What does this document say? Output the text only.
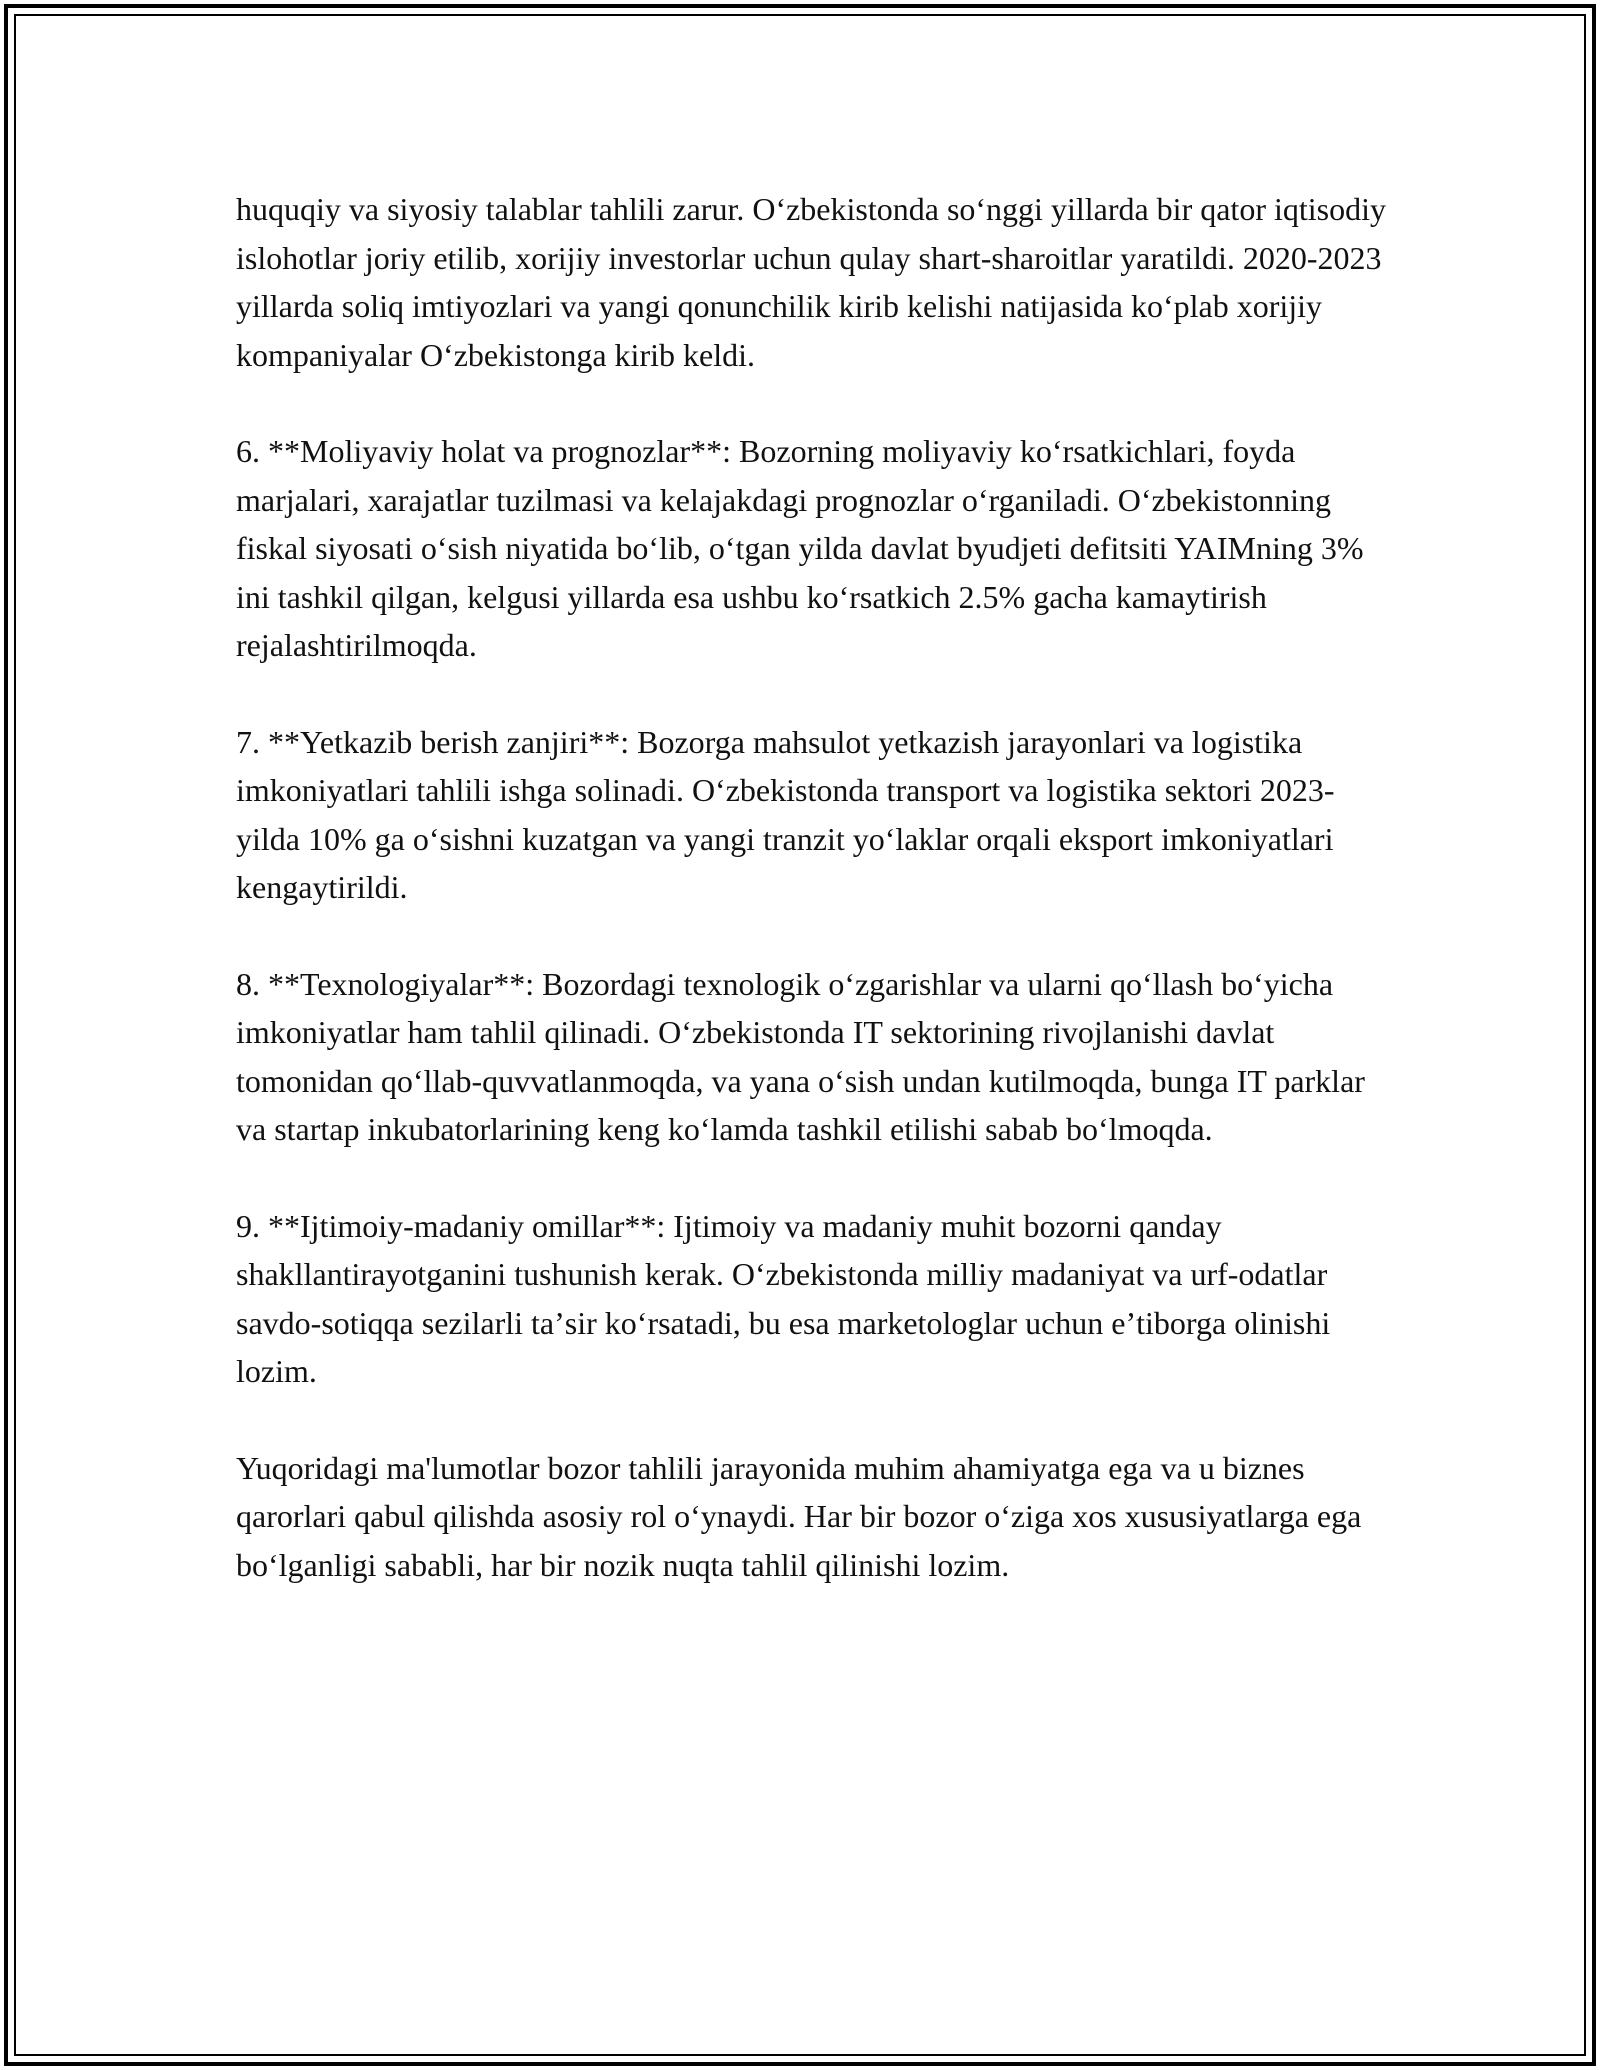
huquqiy va siyosiy talablar tahlili zarur. Oʻzbekistonda soʻnggi yillarda bir qator iqtisodiy islohotlar joriy etilib, xorijiy investorlar uchun qulay shart-sharoitlar yaratildi. 2020-2023 yillarda soliq imtiyozlari va yangi qonunchilik kirib kelishi natijasida koʻplab xorijiy kompaniyalar Oʻzbekistonga kirib keldi.

6. **Moliyaviy holat va prognozlar**: Bozorning moliyaviy koʻrsatkichlari, foyda marjalari, xarajatlar tuzilmasi va kelajakdagi prognozlar oʻrganiladi. Oʻzbekistonning fiskal siyosati oʻsish niyatida boʻlib, oʻtgan yilda davlat byudjeti defitsiti YAIMning 3% ini tashkil qilgan, kelgusi yillarda esa ushbu koʻrsatkich 2.5% gacha kamaytirish rejalashtirilmoqda.

7. **Yetkazib berish zanjiri**: Bozorga mahsulot yetkazish jarayonlari va logistika imkoniyatlari tahlili ishga solinadi. Oʻzbekistonda transport va logistika sektori 2023-yilda 10% ga oʻsishni kuzatgan va yangi tranzit yoʻlaklar orqali eksport imkoniyatlari kengaytirildi.

8. **Texnologiyalar**: Bozordagi texnologik oʻzgarishlar va ularni qoʻllash boʻyicha imkoniyatlar ham tahlil qilinadi. Oʻzbekistonda IT sektorining rivojlanishi davlat tomonidan qoʻllab-quvvatlanmoqda, va yana oʻsish undan kutilmoqda, bunga IT parklar va startap inkubatorlarining keng koʻlamda tashkil etilishi sabab boʻlmoqda.

9. **Ijtimoiy-madaniy omillar**: Ijtimoiy va madaniy muhit bozorni qanday shakllantirayotganini tushunish kerak. Oʻzbekistonda milliy madaniyat va urf-odatlar savdo-sotiqqa sezilarli taʼsir koʻrsatadi, bu esa marketologlar uchun eʼtiborga olinishi lozim.

Yuqoridagi ma'lumotlar bozor tahlili jarayonida muhim ahamiyatga ega va u biznes qarorlari qabul qilishda asosiy rol oʻynaydi. Har bir bozor oʻziga xos xususiyatlarga ega boʻlganligi sababli, har bir nozik nuqta tahlil qilinishi lozim.
